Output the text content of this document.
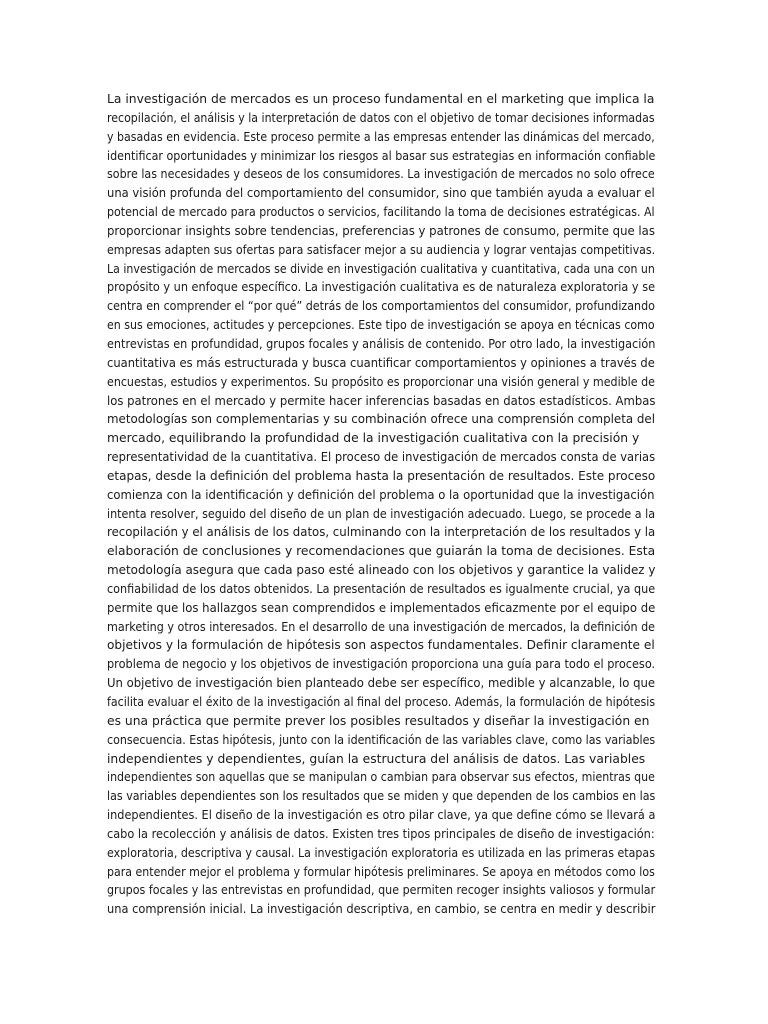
La investigación de mercados es un proceso fundamental en el marketing que implica la
recopilación, el análisis y la interpretación de datos con el objetivo de tomar decisiones informadas
y basadas en evidencia. Este proceso permite a las empresas entender las dinámicas del mercado,
identificar oportunidades y minimizar los riesgos al basar sus estrategias en información confiable
sobre las necesidades y deseos de los consumidores. La investigación de mercados no solo ofrece
una visión profunda del comportamiento del consumidor, sino que también ayuda a evaluar el
potencial de mercado para productos o servicios, facilitando la toma de decisiones estratégicas. Al
proporcionar insights sobre tendencias, preferencias y patrones de consumo, permite que las
empresas adapten sus ofertas para satisfacer mejor a su audiencia y lograr ventajas competitivas.
La investigación de mercados se divide en investigación cualitativa y cuantitativa, cada una con un
propósito y un enfoque específico. La investigación cualitativa es de naturaleza exploratoria y se
centra en comprender el “por qué” detrás de los comportamientos del consumidor, profundizando
en sus emociones, actitudes y percepciones. Este tipo de investigación se apoya en técnicas como
entrevistas en profundidad, grupos focales y análisis de contenido. Por otro lado, la investigación
cuantitativa es más estructurada y busca cuantificar comportamientos y opiniones a través de
encuestas, estudios y experimentos. Su propósito es proporcionar una visión general y medible de
los patrones en el mercado y permite hacer inferencias basadas en datos estadísticos. Ambas
metodologías son complementarias y su combinación ofrece una comprensión completa del
mercado, equilibrando la profundidad de la investigación cualitativa con la precisión y
representatividad de la cuantitativa. El proceso de investigación de mercados consta de varias
etapas, desde la definición del problema hasta la presentación de resultados. Este proceso
comienza con la identificación y definición del problema o la oportunidad que la investigación
intenta resolver, seguido del diseño de un plan de investigación adecuado. Luego, se procede a la
recopilación y el análisis de los datos, culminando con la interpretación de los resultados y la
elaboración de conclusiones y recomendaciones que guiarán la toma de decisiones. Esta
metodología asegura que cada paso esté alineado con los objetivos y garantice la validez y
confiabilidad de los datos obtenidos. La presentación de resultados es igualmente crucial, ya que
permite que los hallazgos sean comprendidos e implementados eficazmente por el equipo de
marketing y otros interesados. En el desarrollo de una investigación de mercados, la definición de
objetivos y la formulación de hipótesis son aspectos fundamentales. Definir claramente el
problema de negocio y los objetivos de investigación proporciona una guía para todo el proceso.
Un objetivo de investigación bien planteado debe ser específico, medible y alcanzable, lo que
facilita evaluar el éxito de la investigación al final del proceso. Además, la formulación de hipótesis
es una práctica que permite prever los posibles resultados y diseñar la investigación en
consecuencia. Estas hipótesis, junto con la identificación de las variables clave, como las variables
independientes y dependientes, guían la estructura del análisis de datos. Las variables
independientes son aquellas que se manipulan o cambian para observar sus efectos, mientras que
las variables dependientes son los resultados que se miden y que dependen de los cambios en las
independientes. El diseño de la investigación es otro pilar clave, ya que define cómo se llevará a
cabo la recolección y análisis de datos. Existen tres tipos principales de diseño de investigación:
exploratoria, descriptiva y causal. La investigación exploratoria es utilizada en las primeras etapas
para entender mejor el problema y formular hipótesis preliminares. Se apoya en métodos como los
grupos focales y las entrevistas en profundidad, que permiten recoger insights valiosos y formular
una comprensión inicial. La investigación descriptiva, en cambio, se centra en medir y describir
